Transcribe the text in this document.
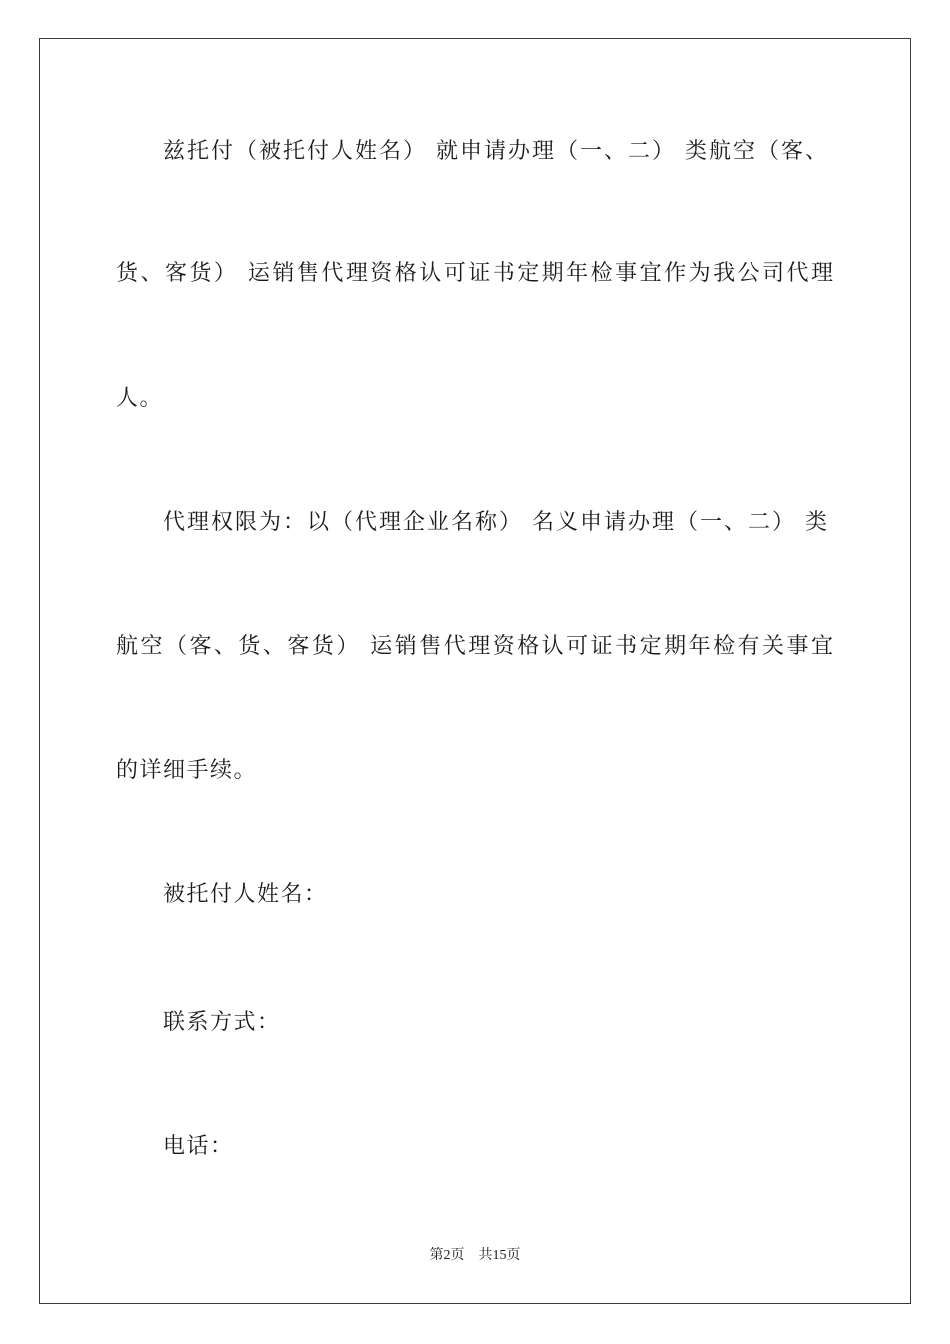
兹托付（被托付人姓名） 就申请办理（一、二） 类航空（客、
货、客货） 运销售代理资格认可证书定期年检事宜作为我公司代理
人。
代理权限为：以（代理企业名称） 名义申请办理（一、二） 类
航空（客、货、客货） 运销售代理资格认可证书定期年检有关事宜
的详细手续。
被托付人姓名：
联系方式：
电话：
第2页 共15页
